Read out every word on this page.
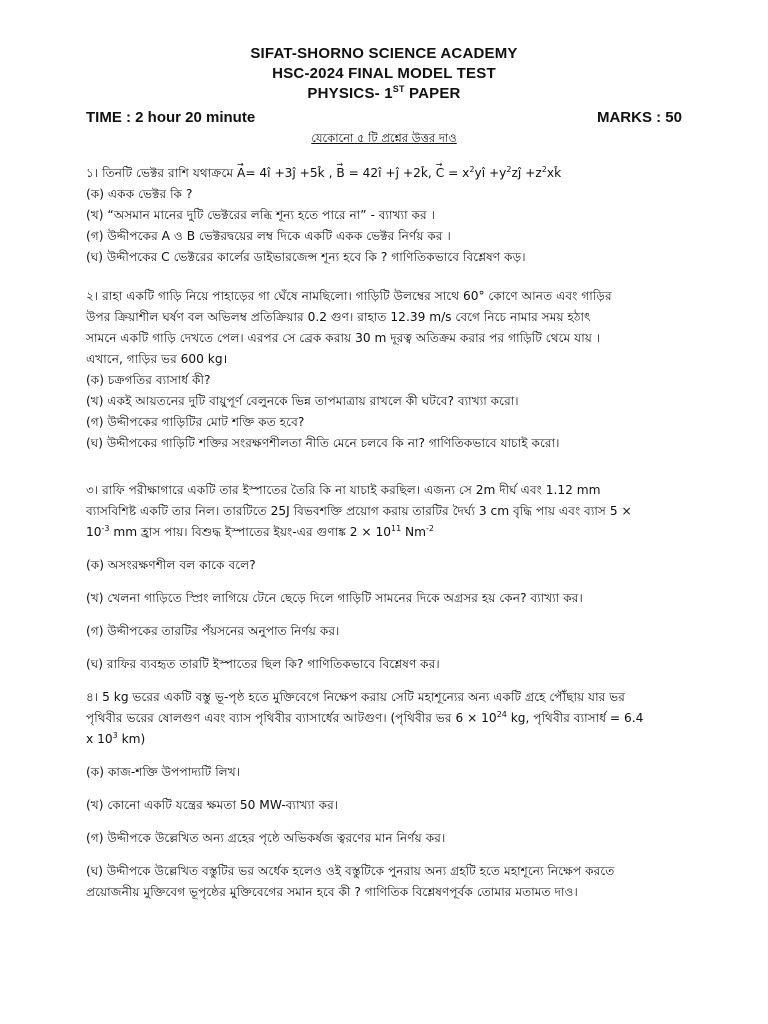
SIFAT-SHORNO SCIENCE ACADEMY
HSC-2024 FINAL MODEL TEST
PHYSICS- 1ST PAPER
TIME : 2 hour 20 minute	MARKS : 50
যেকোনো ৫ টি প্রশ্নের উত্তর দাও

১। তিনটি ভেক্টর রাশি যথাক্রমে → A= 4î +3ĵ +5k̂ , → B = 42î +ĵ +2k̂, → $C = x^2yî$ $+y^2zĵ$ $+z^2xk̂$

(ক) একক ভেক্টর কি ?

(খ) “অসমান মানের দুটি ভেক্টরের লব্ধি শূন্য হতে পারে না” - ব্যাখ্যা কর ।

(গ) উদ্দীপকের A ও B ভেক্টরদ্বয়ের লম্ব দিকে একটি একক ভেক্টর নির্ণয় কর ।

(ঘ) উদ্দীপকের C ভেক্টরের কার্লের ডাইভারজেন্স শূন্য হবে কি ? গাণিতিকভাবে বিশ্লেষণ কড়।

২। রাহা একটি গাড়ি নিয়ে পাহাড়ের গা ঘেঁষে নামছিলো। গাড়িটি উলম্বের সাথে 60° কোণে আনত এবং গাড়ির

উপর ক্রিয়াশীল ঘর্ষণ বল অভিলম্ব প্রতিক্রিয়ার 0.2 গুণ। রাহাত 12.39 m/s বেগে নিচে নামার সময় হঠাৎ

সামনে একটি গাড়ি দেখতে পেল। এরপর সে ব্রেক করায় 30 m দূরত্ব অতিক্রম করার পর গাড়িটি থেমে যায় ।

এখানে, গাড়ির ভর 600 kg।

(ক) চক্রগতির ব্যাসার্ধ কী?

(খ) একই আয়তনের দুটি বায়ুপূর্ণ বেলুনকে ভিন্ন তাপমাত্রায় রাখলে কী ঘটবে? ব্যাখ্যা করো।

(গ) উদ্দীপকের গাড়িটির মোট শক্তি কত হবে?

(ঘ) উদ্দীপকের গাড়িটি শক্তির সংরক্ষণশীলতা নীতি মেনে চলবে কি না? গাণিতিকভাবে যাচাই করো।

৩। রাফি পরীক্ষাগারে একটি তার ইস্পাতের তৈরি কি না যাচাই করছিল। এজন্য সে 2m দীর্ঘ এবং 1.12 mm

ব্যাসবিশিষ্ট একটি তার নিল। তারটিতে 25J বিভবশক্তি প্রয়োগ করায় তারটির দৈর্ঘ্য 3 cm বৃদ্ধি পায় এবং ব্যাস 5 ×

$10^{-3}$ mm হ্রাস পায়। বিশুদ্ধ ইস্পাতের ইয়ং-এর গুণাঙ্ক $2 \times 10^{11}$ $Nm^{-2}$

(ক) অসংরক্ষণশীল বল কাকে বলে?

(খ) খেলনা গাড়িতে স্প্রিং লাগিয়ে টেনে ছেড়ে দিলে গাড়িটি সামনের দিকে অগ্রসর হয় কেন? ব্যাখ্যা কর।

(গ) উদ্দীপকের তারটির পঁয়সনের অনুপাত নির্ণয় কর।

(ঘ) রাফির ব্যবহৃত তারটি ইস্পাতের ছিল কি? গাণিতিকভাবে বিশ্লেষণ কর।

৪। 5 kg ভরের একটি বস্তু ভূ-পৃষ্ঠ হতে মুক্তিবেগে নিক্ষেপ করায় সেটি মহাশূন্যের অন্য একটি গ্রহে পৌঁছায় যার ভর

পৃথিবীর ভরের ষোলগুণ এবং ব্যাস পৃথিবীর ব্যাসার্ধের আটগুণ। (পৃথিবীর ভর $6 \times 10^{24}$ kg, পৃথিবীর ব্যাসার্ধ = 6.4

x $10^3$ km)

(ক) কাজ-শক্তি উপপাদ্যটি লিখ।

(খ) কোনো একটি যন্ত্রের ক্ষমতা 50 MW-ব্যাখ্যা কর।

(গ) উদ্দীপকে উল্লেখিত অন্য গ্রহের পৃষ্ঠে অভিকর্ষজ ত্বরণের মান নির্ণয় কর।

(ঘ) উদ্দীপকে উল্লেখিত বস্তুটির ভর অর্ধেক হলেও ওই বস্তুটিকে পুনরায় অন্য গ্রহটি হতে মহাশূন্যে নিক্ষেপ করতে

প্রয়োজনীয় মুক্তিবেগ ভূপৃষ্ঠের মুক্তিবেগের সমান হবে কী ? গাণিতিক বিশ্লেষণপূর্বক তোমার মতামত দাও।
